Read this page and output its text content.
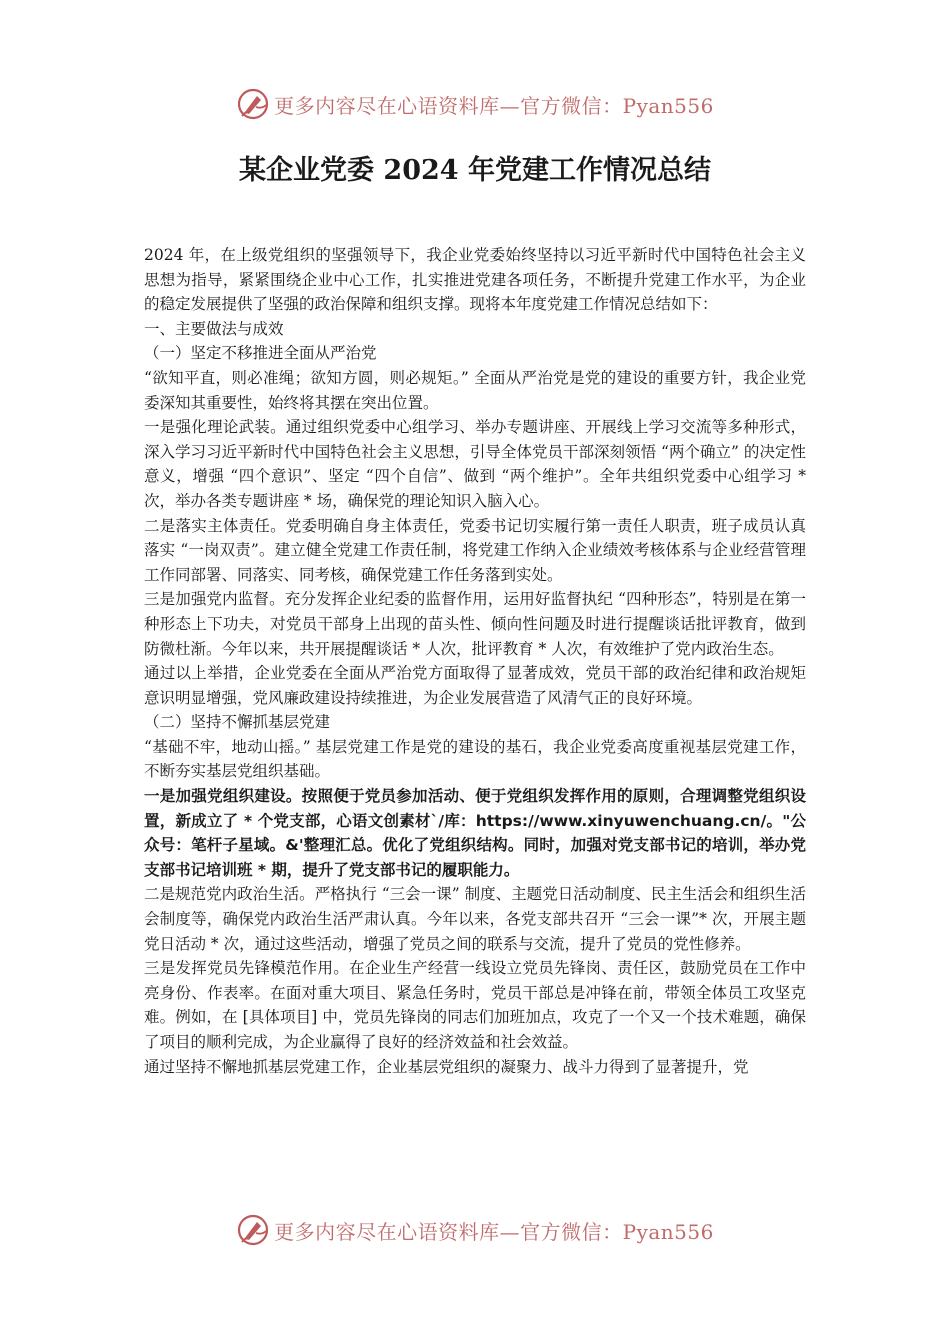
更多内容尽在心语资料库—官方微信：Pyan556
某企业党委 2024 年党建工作情况总结

2024 年，在上级党组织的坚强领导下，我企业党委始终坚持以习近平新时代中国特色社会主义思想为指导，紧紧围绕企业中心工作，扎实推进党建各项任务，不断提升党建工作水平，为企业的稳定发展提供了坚强的政治保障和组织支撑。现将本年度党建工作情况总结如下：

一、主要做法与成效

（一）坚定不移推进全面从严治党

“欲知平直，则必准绳；欲知方圆，则必规矩。” 全面从严治党是党的建设的重要方针，我企业党委深知其重要性，始终将其摆在突出位置。

一是强化理论武装。通过组织党委中心组学习、举办专题讲座、开展线上学习交流等多种形式，深入学习习近平新时代中国特色社会主义思想，引导全体党员干部深刻领悟 “两个确立” 的决定性意义，增强 “四个意识”、坚定 “四个自信”、做到 “两个维护”。全年共组织党委中心组学习 * 次，举办各类专题讲座 * 场，确保党的理论知识入脑入心。

二是落实主体责任。党委明确自身主体责任，党委书记切实履行第一责任人职责，班子成员认真落实 “一岗双责”。建立健全党建工作责任制，将党建工作纳入企业绩效考核体系与企业经营管理工作同部署、同落实、同考核，确保党建工作任务落到实处。

三是加强党内监督。充分发挥企业纪委的监督作用，运用好监督执纪 “四种形态”，特别是在第一种形态上下功夫，对党员干部身上出现的苗头性、倾向性问题及时进行提醒谈话批评教育，做到防微杜渐。今年以来，共开展提醒谈话 * 人次，批评教育 * 人次，有效维护了党内政治生态。

通过以上举措，企业党委在全面从严治党方面取得了显著成效，党员干部的政治纪律和政治规矩意识明显增强，党风廉政建设持续推进，为企业发展营造了风清气正的良好环境。

（二）坚持不懈抓基层党建

“基础不牢，地动山摇。” 基层党建工作是党的建设的基石，我企业党委高度重视基层党建工作，不断夯实基层党组织基础。

一是加强党组织建设。按照便于党员参加活动、便于党组织发挥作用的原则，合理调整党组织设置，新成立了 * 个党支部，心语文创素材`/库：https://www.xinyuwenchuang.cn/。"公众号：笔杆子星域。&'整理汇总。优化了党组织结构。同时，加强对党支部书记的培训，举办党支部书记培训班 * 期，提升了党支部书记的履职能力。

二是规范党内政治生活。严格执行 “三会一课” 制度、主题党日活动制度、民主生活会和组织生活会制度等，确保党内政治生活严肃认真。今年以来，各党支部共召开 “三会一课”* 次，开展主题党日活动 * 次，通过这些活动，增强了党员之间的联系与交流，提升了党员的党性修养。

三是发挥党员先锋模范作用。在企业生产经营一线设立党员先锋岗、责任区，鼓励党员在工作中亮身份、作表率。在面对重大项目、紧急任务时，党员干部总是冲锋在前，带领全体员工攻坚克难。例如，在 [具体项目] 中，党员先锋岗的同志们加班加点，攻克了一个又一个技术难题，确保了项目的顺利完成，为企业赢得了良好的经济效益和社会效益。

通过坚持不懈地抓基层党建工作，企业基层党组织的凝聚力、战斗力得到了显著提升，党

更多内容尽在心语资料库—官方微信：Pyan556
